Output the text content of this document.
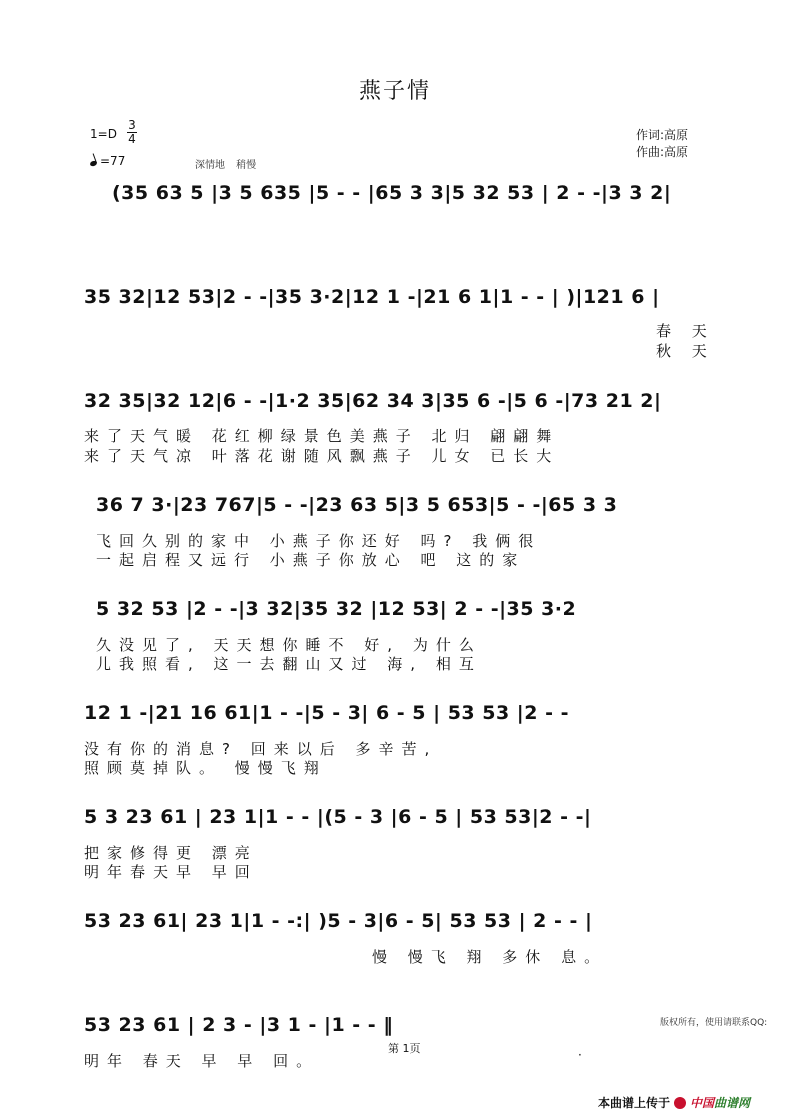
燕子情
1=D
3
4
=77	深情地 稍慢
作词:高原
作曲:高原
(35 63 5 |3 5 635 |5 - - |65 3 3|5 32 53 | 2 - -|3 3 2|
35 32|12 53|2 - -|35 3·2|12 1 -|21 6 1|1 - - | )|121 6 |
春 天
秋 天
32 35|32 12|6 - -|1·2 35|62 34 3|35 6 -|5 6 -|73 21 2|
来了天气暖 花红柳绿景色美燕子 北归 翩翩舞
来了天气凉 叶落花谢随风飘燕子 儿女 已长大
36 7 3·|23 767|5 - -|23 63 5|3 5 653|5 - -|65 3 3
飞回久别的家中 小燕子你还好 吗? 我俩很
一起启程又远行 小燕子你放心 吧 这的家
5 32 53 |2 - -|3 32|35 32 |12 53| 2 - -|35 3·2
久没见了, 天天想你睡不 好, 为什么
儿我照看, 这一去翻山又过 海, 相互
12 1 -|21 16 61|1 - -|5 - 3| 6 - 5 | 53 53 |2 - -
没有你的消息? 回来以后 多辛苦,
照顾莫掉队。 慢慢飞翔
5 3 23 61 | 23 1|1 - - |(5 - 3 |6 - 5 | 53 53|2 - -|
把家修得更 漂亮
明年春天早 早回
53 23 61| 23 1|1 - -:| )5 - 3|6 - 5| 53 53 | 2 - - |
慢 慢飞 翔 多休 息。
53 23 61 | 2 3 - |3 1 - |1 - - ‖
明年 春天 早 早 回。
版权所有，使用请联系QQ:
第 1页	·
本曲谱上传于 中国曲谱网
